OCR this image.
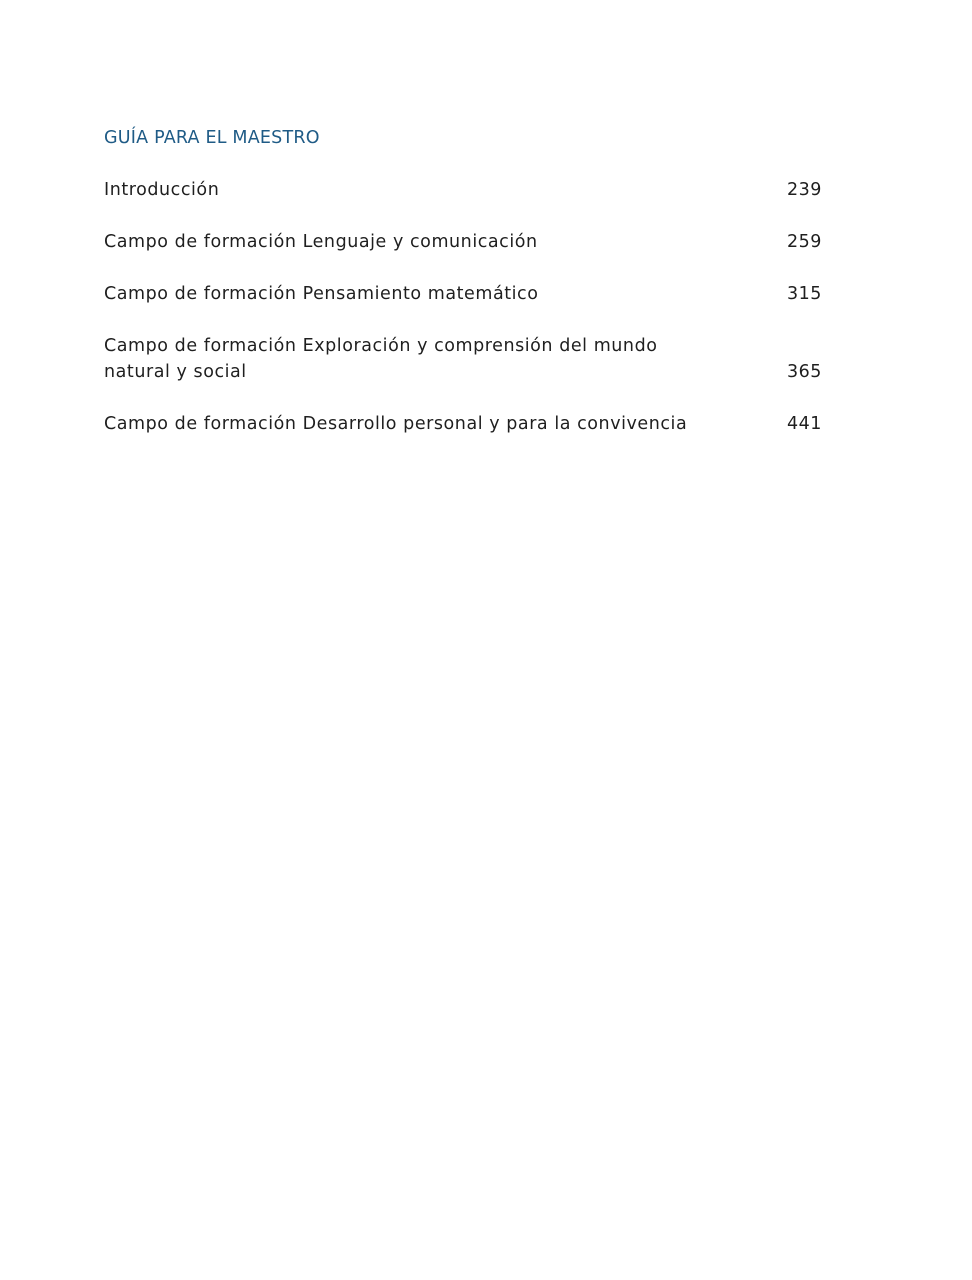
GUÍA PARA EL MAESTRO
Introducción	239
Campo de formación Lenguaje y comunicación	259
Campo de formación Pensamiento matemático	315
Campo de formación Exploración y comprensión del mundo natural y social	365
Campo de formación Desarrollo personal y para la convivencia	441
